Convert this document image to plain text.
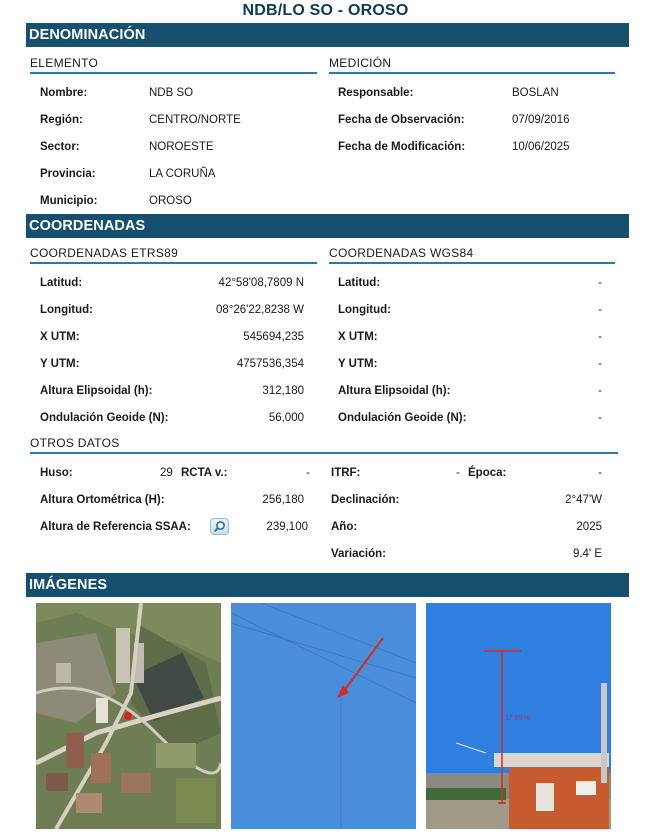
NDB/LO SO - OROSO
DENOMINACIÓN
ELEMENTO	MEDICIÓN
Nombre:	NDB SO
Región:	CENTRO/NORTE
Sector:	NOROESTE
Provincia:	LA CORUÑA
Municipio:	OROSO
Responsable:	BOSLAN
Fecha de Observación:	07/09/2016
Fecha de Modificación:	10/06/2025
COORDENADAS
COORDENADAS ETRS89	COORDENADAS WGS84
Latitud:	42°58'08,7809 N
Longitud:	08°26'22,8238 W
X UTM:	545694,235
Y UTM:	4757536,354
Altura Elipsoidal (h):	312,180
Ondulación Geoide (N):	56,000
Latitud:	-
Longitud:	-
X UTM:	-
Y UTM:	-
Altura Elipsoidal (h):	-
Ondulación Geoide (N):	-
OTROS DATOS
Huso:	29 RCTA v.:	-
Altura Ortométrica (H):	256,180
Altura de Referencia SSAA:	239,100
ITRF:	- Época:	-
Declinación:	2°47'W
Año:	2025
Variación:	9.4' E
IMÁGENES
17,09 m
